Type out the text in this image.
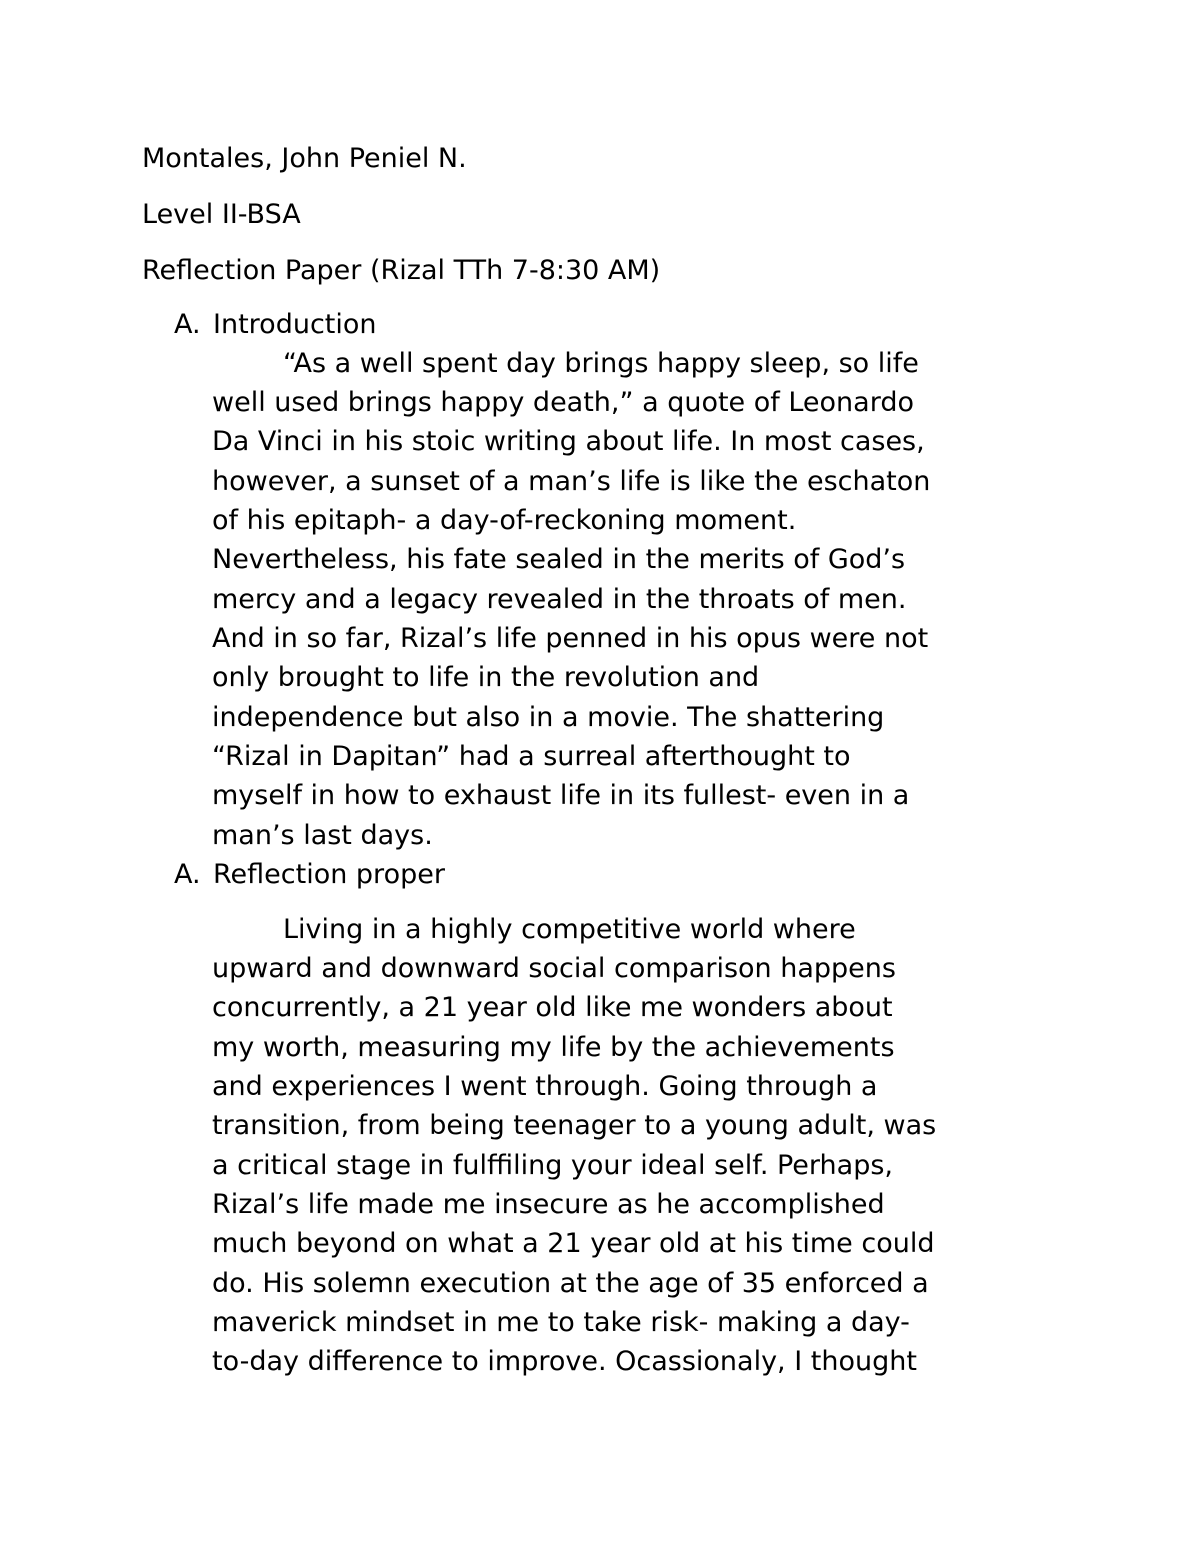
Montales, John Peniel N.
Level II-BSA
Reflection Paper (Rizal TTh 7-8:30 AM)
A. Introduction
“As a well spent day brings happy sleep, so life
well used brings happy death,” a quote of Leonardo
Da Vinci in his stoic writing about life. In most cases,
however, a sunset of a man’s life is like the eschaton
of his epitaph- a day-of-reckoning moment.
Nevertheless, his fate sealed in the merits of God’s
mercy and a legacy revealed in the throats of men.
And in so far, Rizal’s life penned in his opus were not
only brought to life in the revolution and
independence but also in a movie. The shattering
“Rizal in Dapitan” had a surreal afterthought to
myself in how to exhaust life in its fullest- even in a
man’s last days.
A. Reflection proper
Living in a highly competitive world where
upward and downward social comparison happens
concurrently, a 21 year old like me wonders about
my worth, measuring my life by the achievements
and experiences I went through. Going through a
transition, from being teenager to a young adult, was
a critical stage in fulffiling your ideal self. Perhaps,
Rizal’s life made me insecure as he accomplished
much beyond on what a 21 year old at his time could
do. His solemn execution at the age of 35 enforced a
maverick mindset in me to take risk- making a day-
to-day difference to improve. Ocassionaly, I thought
